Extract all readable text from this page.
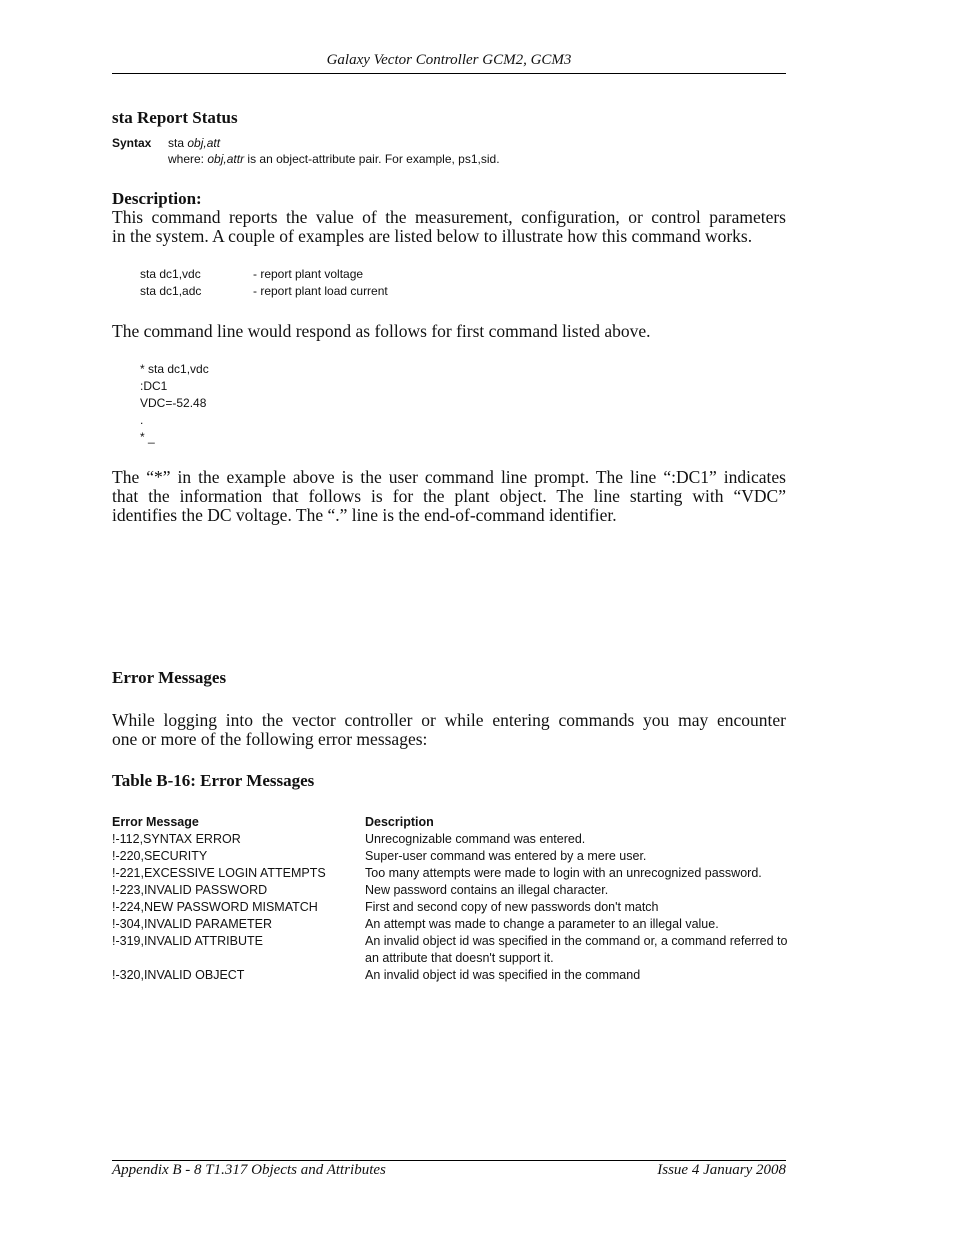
Galaxy Vector Controller GCM2, GCM3
sta Report Status
Syntax sta obj,att
where: obj,attr is an object-attribute pair. For example, ps1,sid.
Description:
This command reports the value of the measurement, configuration, or control parameters
in the system. A couple of examples are listed below to illustrate how this command works.
sta dc1,vdc	- report plant voltage
sta dc1,adc	- report plant load current
The command line would respond as follows for first command listed above.
* sta dc1,vdc
:DC1
VDC=-52.48
.
* _
The “*” in the example above is the user command line prompt. The line “:DC1” indicates
that the information that follows is for the plant object. The line starting with “VDC”
identifies the DC voltage. The “.” line is the end-of-command identifier.
Error Messages
While logging into the vector controller or while entering commands you may encounter
one or more of the following error messages:
Table B-16: Error Messages
Error Message	Description
!-112,SYNTAX ERROR	Unrecognizable command was entered.
!-220,SECURITY	Super-user command was entered by a mere user.
!-221,EXCESSIVE LOGIN ATTEMPTS	Too many attempts were made to login with an unrecognized password.
!-223,INVALID PASSWORD	New password contains an illegal character.
!-224,NEW PASSWORD MISMATCH	First and second copy of new passwords don't match
!-304,INVALID PARAMETER	An attempt was made to change a parameter to an illegal value.
!-319,INVALID ATTRIBUTE	An invalid object id was specified in the command or, a command referred to
an attribute that doesn't support it.
!-320,INVALID OBJECT	An invalid object id was specified in the command
Appendix B - 8 T1.317 Objects and Attributes	Issue 4 January 2008
